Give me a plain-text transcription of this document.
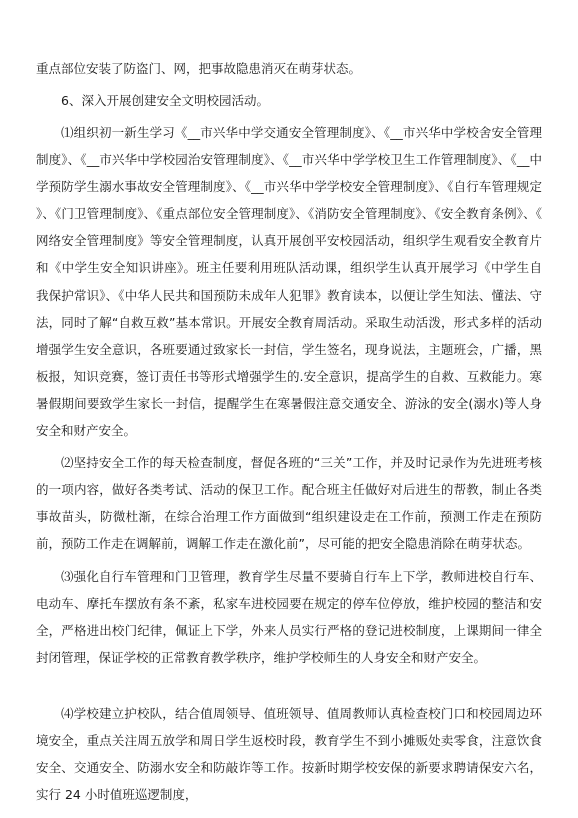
重点部位安装了防盗门、网，把事故隐患消灭在萌芽状态。

6、深入开展创建安全文明校园活动。

⑴组织初一新生学习《__市兴华中学交通安全管理制度》、《__市兴华中学校舍安全管理制度》、《__市兴华中学校园治安管理制度》、《__市兴华中学学校卫生工作管理制度》、《__中学预防学生溺水事故安全管理制度》、《__市兴华中学学校安全管理制度》、《自行车管理规定》、《门卫管理制度》、《重点部位安全管理制度》、《消防安全管理制度》、《安全教育条例》、《网络安全管理制度》等安全管理制度，认真开展创平安校园活动，组织学生观看安全教育片和《中学生安全知识讲座》。班主任要利用班队活动课，组织学生认真开展学习《中学生自我保护常识》、《中华人民共和国预防未成年人犯罪》教育读本，以便让学生知法、懂法、守法，同时了解“自救互救”基本常识。开展安全教育周活动。采取生动活泼，形式多样的活动增强学生安全意识，各班要通过致家长一封信，学生签名，现身说法，主题班会，广播，黑板报，知识竞赛，签订责任书等形式增强学生的.安全意识，提高学生的自救、互救能力。寒暑假期间要致学生家长一封信，提醒学生在寒暑假注意交通安全、游泳的安全(溺水)等人身安全和财产安全。

⑵坚持安全工作的每天检查制度，督促各班的“三关”工作，并及时记录作为先进班考核的一项内容，做好各类考试、活动的保卫工作。配合班主任做好对后进生的帮教，制止各类事故苗头，防微杜渐，在综合治理工作方面做到“组织建设走在工作前，预测工作走在预防前，预防工作走在调解前，调解工作走在激化前”，尽可能的把安全隐患消除在萌芽状态。

⑶强化自行车管理和门卫管理，教育学生尽量不要骑自行车上下学，教师进校自行车、电动车、摩托车摆放有条不紊，私家车进校园要在规定的停车位停放，维护校园的整洁和安全，严格进出校门纪律，佩证上下学，外来人员实行严格的登记进校制度，上课期间一律全封闭管理，保证学校的正常教育教学秩序，维护学校师生的人身安全和财产安全。

⑷学校建立护校队，结合值周领导、值班领导、值周教师认真检查校门口和校园周边环境安全，重点关注周五放学和周日学生返校时段，教育学生不到小摊贩处卖零食，注意饮食安全、交通安全、防溺水安全和防敲诈等工作。按新时期学校安保的新要求聘请保安六名，实行 24 小时值班巡逻制度，
